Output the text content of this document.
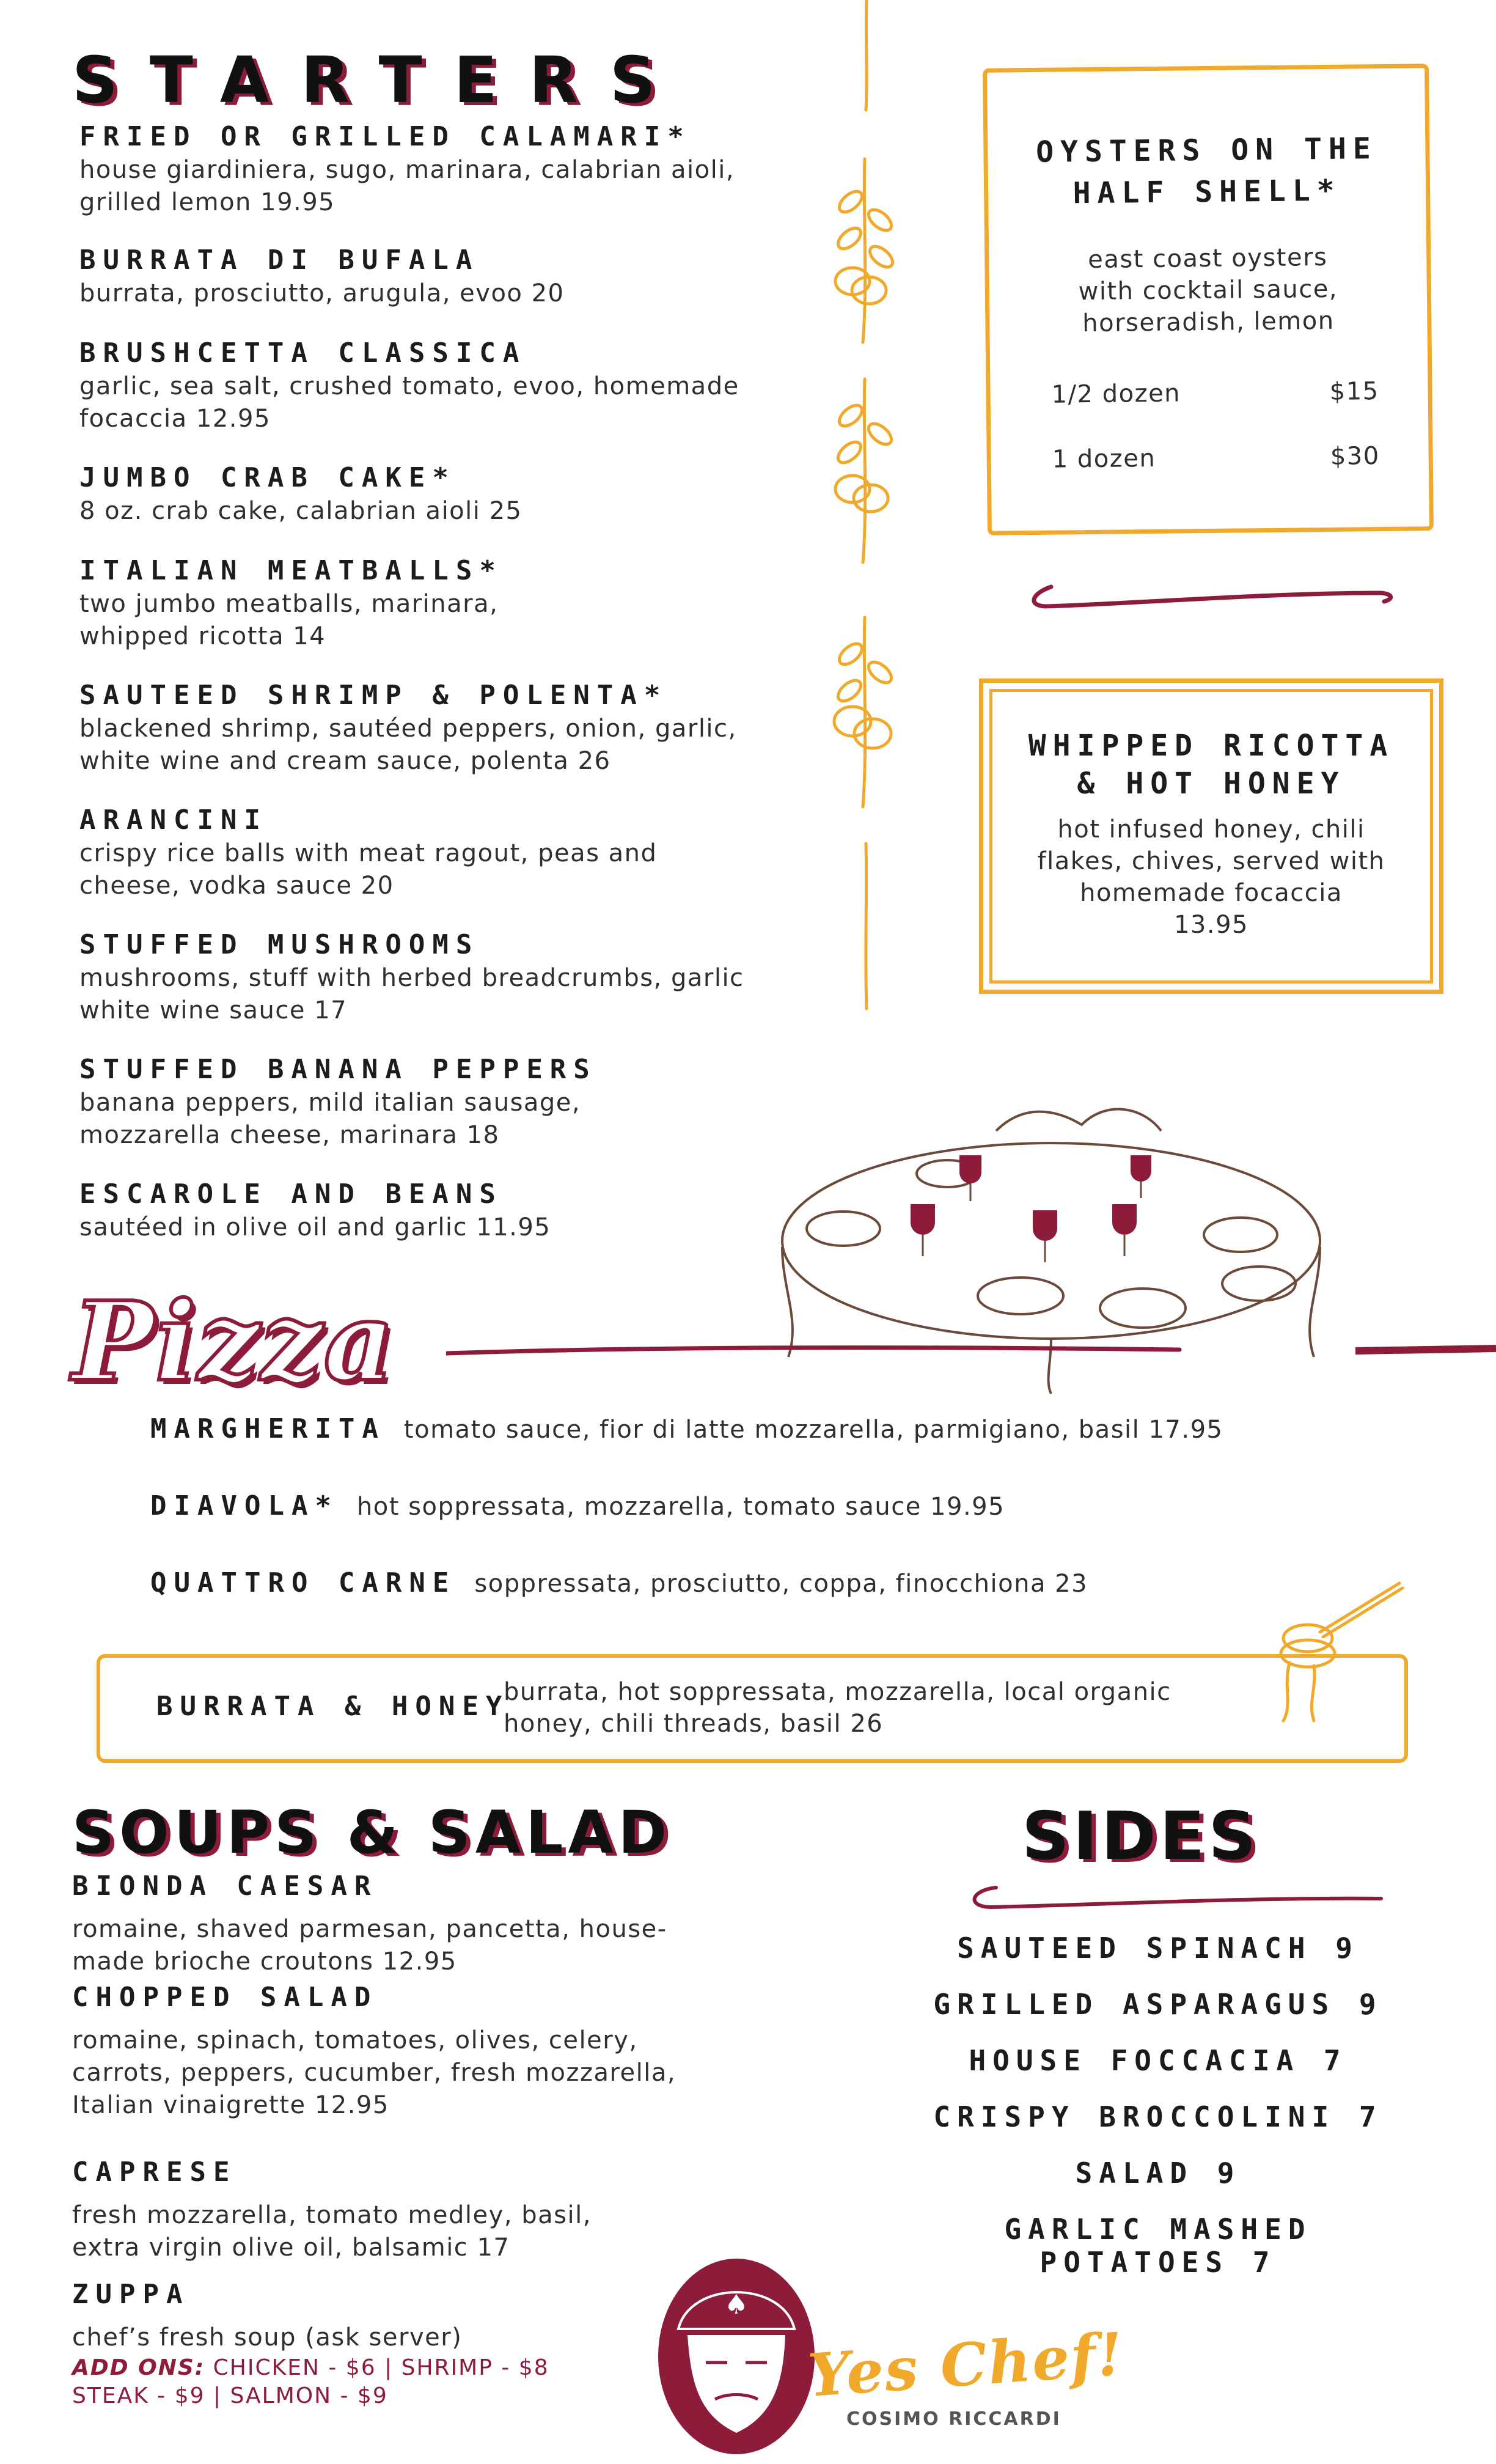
STARTERS
FRIED OR GRILLED CALAMARI*
house giardiniera, sugo, marinara, calabrian aioli,
grilled lemon 19.95
BURRATA DI BUFALA
burrata, prosciutto, arugula, evoo 20
BRUSHCETTA CLASSICA
garlic, sea salt, crushed tomato, evoo, homemade
focaccia 12.95
JUMBO CRAB CAKE*
8 oz. crab cake, calabrian aioli 25
ITALIAN MEATBALLS*
two jumbo meatballs, marinara,
whipped ricotta 14
SAUTEED SHRIMP & POLENTA*
blackened shrimp, sautéed peppers, onion, garlic,
white wine and cream sauce, polenta 26
ARANCINI
crispy rice balls with meat ragout, peas and
cheese, vodka sauce 20
STUFFED MUSHROOMS
mushrooms, stuff with herbed breadcrumbs, garlic
white wine sauce 17
STUFFED BANANA PEPPERS
banana peppers, mild italian sausage,
mozzarella cheese, marinara 18
ESCAROLE AND BEANS
sautéed in olive oil and garlic 11.95
OYSTERS ON THE
HALF SHELL*
east coast oysters
with cocktail sauce,
horseradish, lemon
1/2 dozen	$15
1 dozen	$30
WHIPPED RICOTTA
& HOT HONEY
hot infused honey, chili
flakes, chives, served with
homemade focaccia
13.95
Pizza
MARGHERITA tomato sauce, fior di latte mozzarella, parmigiano, basil 17.95
DIAVOLA* hot soppressata, mozzarella, tomato sauce 19.95
QUATTRO CARNE soppressata, prosciutto, coppa, finocchiona 23
BURRATA & HONEY
burrata, hot soppressata, mozzarella, local organic
honey, chili threads, basil 26
SOUPS & SALAD
BIONDA CAESAR
romaine, shaved parmesan, pancetta, house-
made brioche croutons 12.95
CHOPPED SALAD
romaine, spinach, tomatoes, olives, celery,
carrots, peppers, cucumber, fresh mozzarella,
Italian vinaigrette 12.95
CAPRESE
fresh mozzarella, tomato medley, basil,
extra virgin olive oil, balsamic 17
ZUPPA
chef’s fresh soup (ask server)
ADD ONS: CHICKEN - $6 | SHRIMP - $8
STEAK - $9 | SALMON - $9
SIDES
SAUTEED SPINACH 9
GRILLED ASPARAGUS 9
HOUSE FOCCACIA 7
CRISPY BROCCOLINI 7
SALAD 9
GARLIC MASHED POTATOES 7
♠
Yes Chef!
COSIMO RICCARDI
